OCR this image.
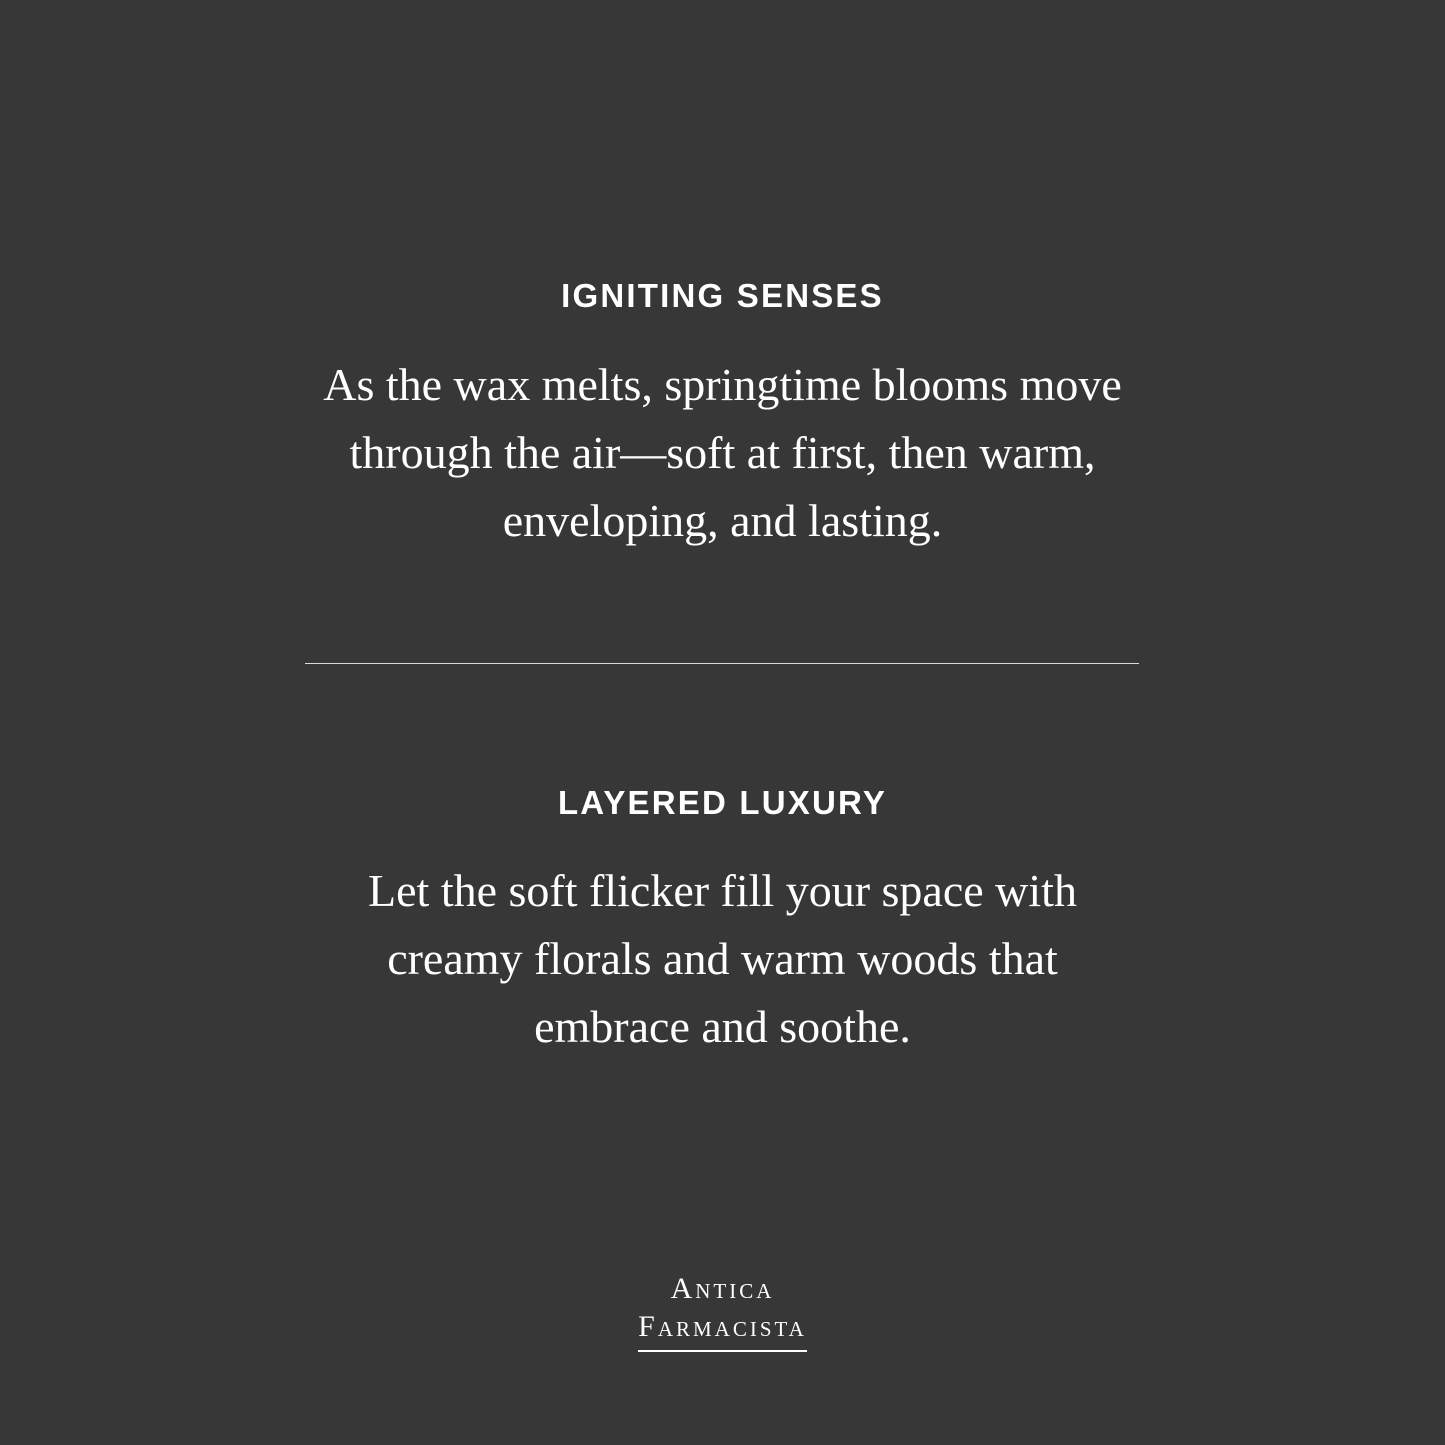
IGNITING SENSES

As the wax melts, springtime blooms move through the air—soft at first, then warm, enveloping, and lasting.

LAYERED LUXURY

Let the soft flicker fill your space with creamy florals and warm woods that embrace and soothe.

Antica
Farmacista
